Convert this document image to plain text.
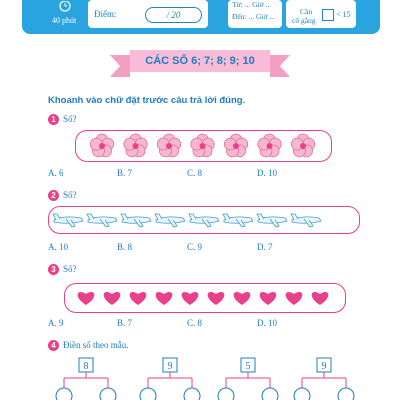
40 phút
Điểm:	/ 20
Từ: ... Giờ ...
Đến: ... Giờ ...
Cần
cố gắng
< 15
CÁC SỐ 6; 7; 8; 9; 10
Khoanh vào chữ đặt trước câu trả lời đúng.
1 Số?
A. 6	B. 7	C. 8	D. 10
2 Số?
A. 10	B. 8	C. 9	D. 7
3 Số?
A. 9	B. 7	C. 8	D. 10
4 Điền số theo mẫu.
8	9	5	9
